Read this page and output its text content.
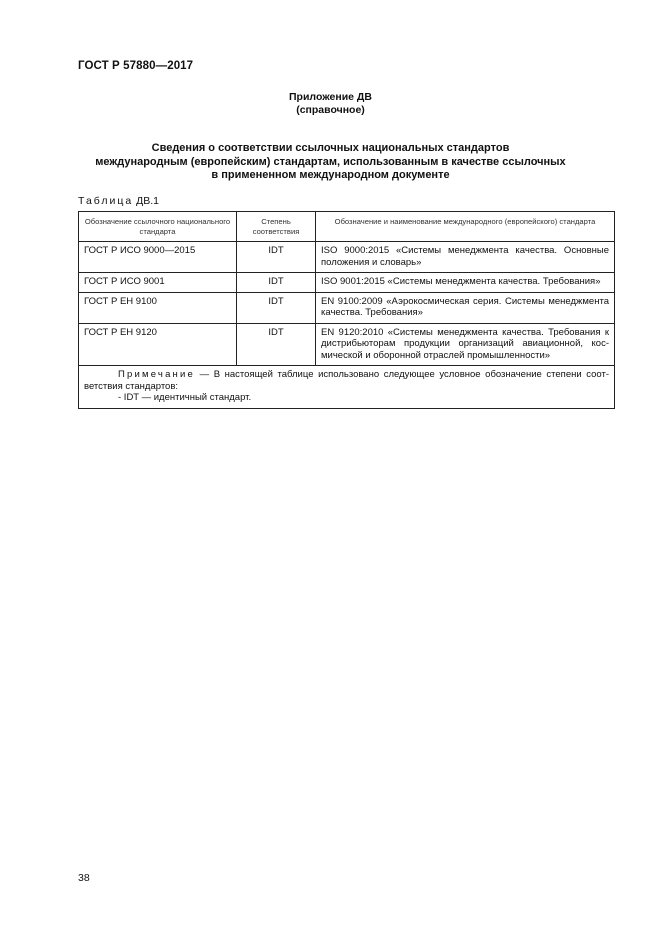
ГОСТ Р 57880—2017
Приложение ДВ
(справочное)
Сведения о соответствии ссылочных национальных стандартов
международным (европейским) стандартам, использованным в качестве ссылочных
в примененном международном документе
Таблица ДВ.1
Обозначение ссылочного национального стандарта	Степень соответствия	Обозначение и наименование международного (европейского) стандарта
ГОСТ Р ИСО 9000—2015	IDT	ISO 9000:2015 «Системы менеджмента качества. Основные положения и словарь»
ГОСТ Р ИСО 9001	IDT	ISO 9001:2015 «Системы менеджмента качества. Требования»
ГОСТ Р ЕН 9100	IDT	EN 9100:2009 «Аэрокосмическая серия. Системы менеджмента качества. Требования»
ГОСТ Р ЕН 9120	IDT	EN 9120:2010 «Системы менеджмента качества. Требования к дистрибьюторам продукции организаций авиационной, космической и оборонной отраслей промышленности»

Примечание — В настоящей таблице использовано следующее условное обозначение степени соответствия стандартов:
- IDT — идентичный стандарт.		
38
